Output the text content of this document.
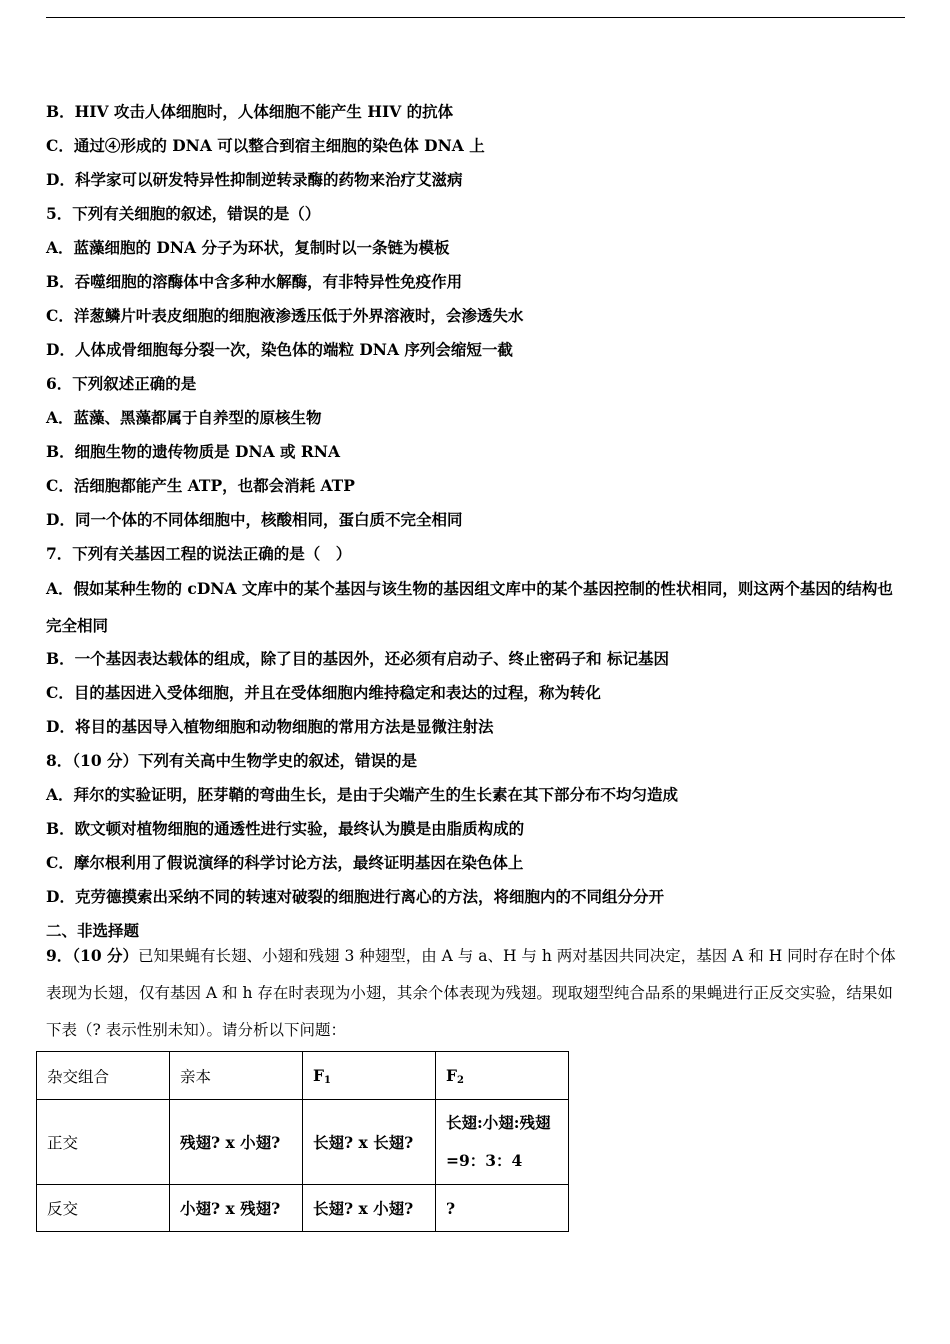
B．HIV 攻击人体细胞时，人体细胞不能产生 HIV 的抗体
C．通过④形成的 DNA 可以整合到宿主细胞的染色体 DNA 上
D．科学家可以研发特异性抑制逆转录酶的药物来治疗艾滋病
5．下列有关细胞的叙述，错误的是（）
A．蓝藻细胞的 DNA 分子为环状，复制时以一条链为模板
B．吞噬细胞的溶酶体中含多种水解酶，有非特异性免疫作用
C．洋葱鳞片叶表皮细胞的细胞液渗透压低于外界溶液时，会渗透失水
D．人体成骨细胞每分裂一次，染色体的端粒 DNA 序列会缩短一截
6．下列叙述正确的是
A．蓝藻、黑藻都属于自养型的原核生物
B．细胞生物的遗传物质是 DNA 或 RNA
C．活细胞都能产生 ATP，也都会消耗 ATP
D．同一个体的不同体细胞中，核酸相同，蛋白质不完全相同
7．下列有关基因工程的说法正确的是（　）
A．假如某种生物的 cDNA 文库中的某个基因与该生物的基因组文库中的某个基因控制的性状相同，则这两个基因的结构也完全相同
B．一个基因表达载体的组成，除了目的基因外，还必须有启动子、终止密码子和 标记基因
C．目的基因进入受体细胞，并且在受体细胞内维持稳定和表达的过程，称为转化
D．将目的基因导入植物细胞和动物细胞的常用方法是显微注射法
8．（10 分）下列有关高中生物学史的叙述，错误的是
A．拜尔的实验证明，胚芽鞘的弯曲生长，是由于尖端产生的生长素在其下部分布不均匀造成
B．欧文顿对植物细胞的通透性进行实验，最终认为膜是由脂质构成的
C．摩尔根利用了假说演绎的科学讨论方法，最终证明基因在染色体上
D．克劳德摸索出采纳不同的转速对破裂的细胞进行离心的方法，将细胞内的不同组分分开
二、非选择题
9．（10 分）已知果蝇有长翅、小翅和残翅 3 种翅型，由 A 与 a、H 与 h 两对基因共同决定，基因 A 和 H 同时存在时个体表现为长翅，仅有基因 A 和 h 存在时表现为小翅，其余个体表现为残翅。现取翅型纯合品系的果蝇进行正反交实验，结果如下表（? 表示性别未知）。请分析以下问题：
杂交组合	亲本	$F_1$	$F_2$
正交	残翅? x 小翅?	长翅? x 长翅?	长翅:小翅:残翅
=9：3：4

反交	小翅? x 残翅?	长翅? x 小翅?	?
